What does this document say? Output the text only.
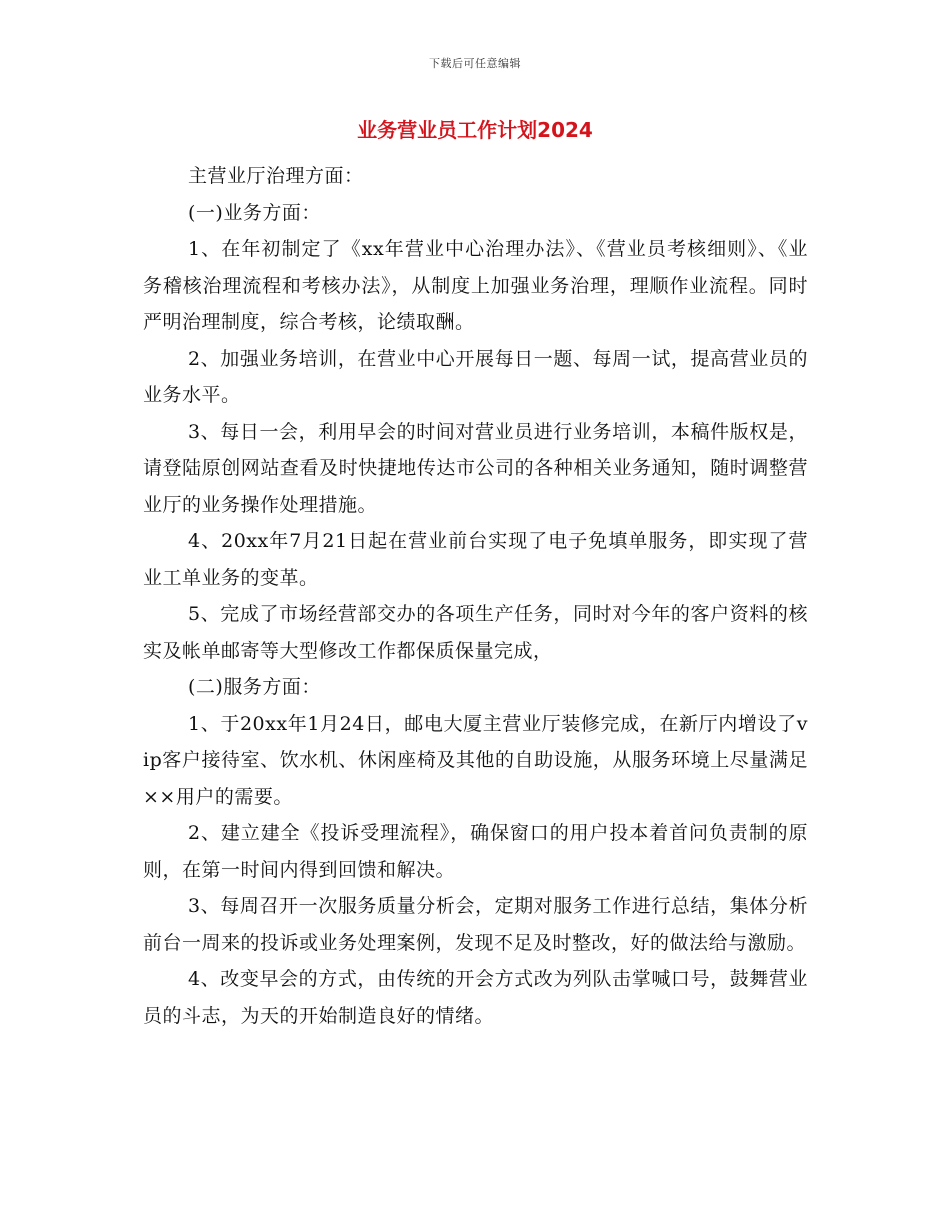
下载后可任意编辑
业务营业员工作计划2024

主营业厅治理方面：

(一)业务方面：

1、在年初制定了《xx年营业中心治理办法》、《营业员考核细则》、《业务稽核治理流程和考核办法》，从制度上加强业务治理，理顺作业流程。同时严明治理制度，综合考核，论绩取酬。

2、加强业务培训，在营业中心开展每日一题、每周一试，提高营业员的业务水平。

3、每日一会，利用早会的时间对营业员进行业务培训，本稿件版权是，请登陆原创网站查看及时快捷地传达市公司的各种相关业务通知，随时调整营业厅的业务操作处理措施。

4、20xx年7月21日起在营业前台实现了电子免填单服务，即实现了营业工单业务的变革。

5、完成了市场经营部交办的各项生产任务，同时对今年的客户资料的核实及帐单邮寄等大型修改工作都保质保量完成，

(二)服务方面：

1、于20xx年1月24日，邮电大厦主营业厅装修完成，在新厅内增设了vip客户接待室、饮水机、休闲座椅及其他的自助设施，从服务环境上尽量满足××用户的需要。

2、建立建全《投诉受理流程》，确保窗口的用户投本着首问负责制的原则，在第一时间内得到回馈和解决。

3、每周召开一次服务质量分析会，定期对服务工作进行总结，集体分析前台一周来的投诉或业务处理案例，发现不足及时整改，好的做法给与激励。

4、改变早会的方式，由传统的开会方式改为列队击掌喊口号，鼓舞营业员的斗志，为天的开始制造良好的情绪。
